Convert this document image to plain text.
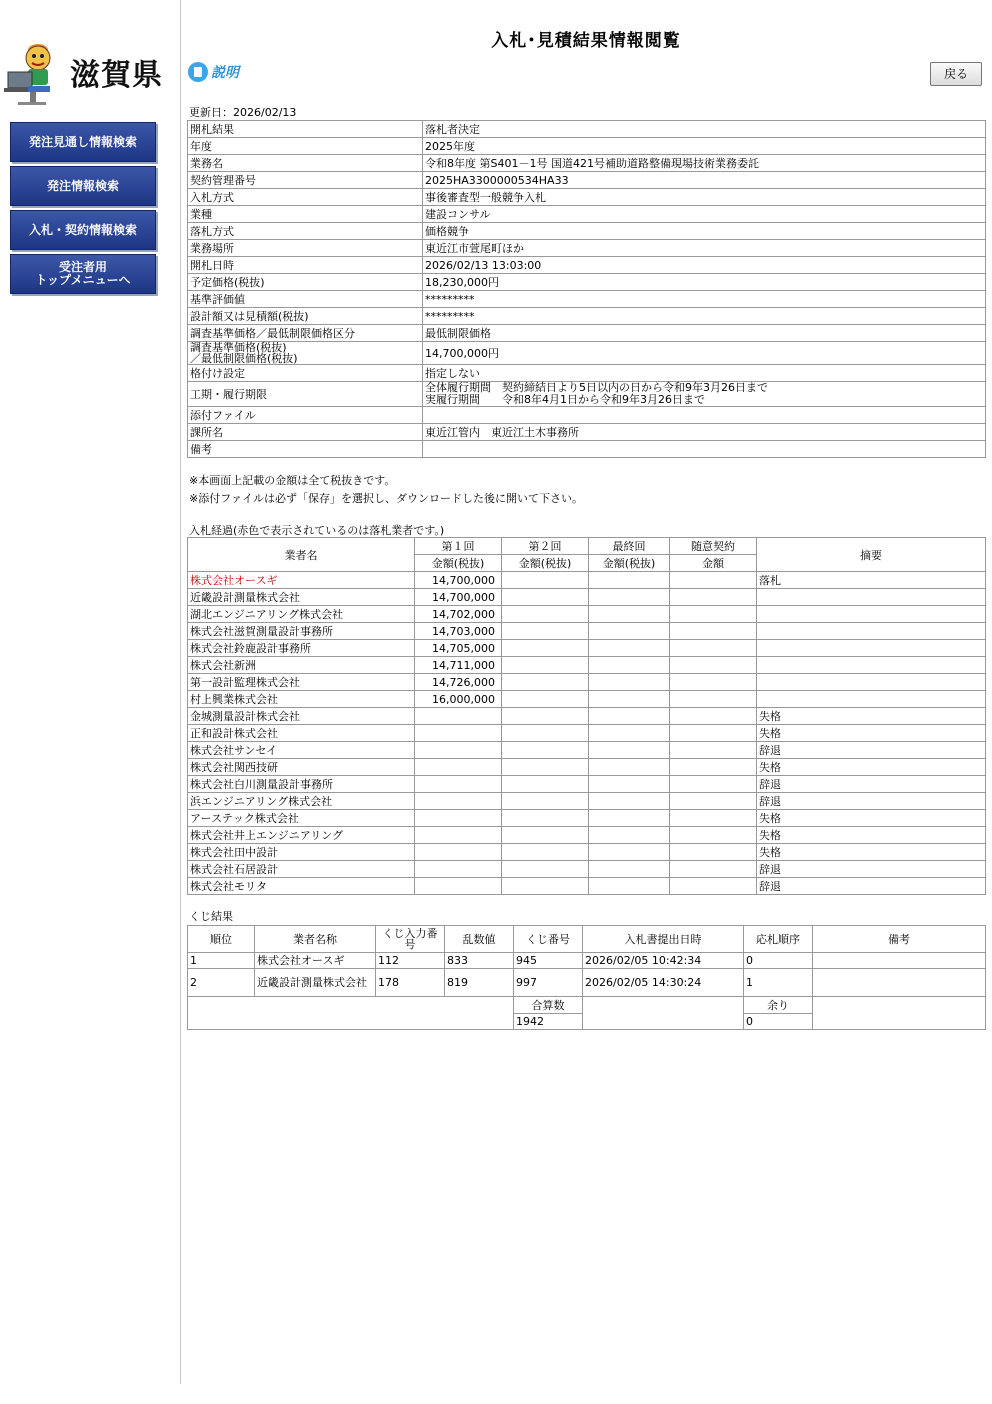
滋賀県
発注見通し情報検索
発注情報検索
入札・契約情報検索
受注者用
トップメニューへ
入札･見積結果情報閲覧
説明	戻る
更新日：2026/02/13
開札結果	落札者決定
年度	2025年度
業務名	令和8年度 第S401－1号 国道421号補助道路整備現場技術業務委託
契約管理番号	2025HA3300000534HA33
入札方式	事後審査型一般競争入札
業種	建設コンサル
落札方式	価格競争
業務場所	東近江市萱尾町ほか
開札日時	2026/02/13 13:03:00
予定価格(税抜)	18,230,000円
基準評価値	*********
設計額又は見積額(税抜)	*********
調査基準価格／最低制限価格区分	最低制限価格
調査基準価格(税抜)
／最低制限価格(税抜)	14,700,000円
格付け設定	指定しない
工期・履行期限	全体履行期間　契約締結日より5日以内の日から令和9年3月26日まで
実履行期間　　令和8年4月1日から令和9年3月26日まで
添付ファイル	
課所名	東近江管内　東近江土木事務所
備考	
※本画面上記載の金額は全て税抜きです。
※添付ファイルは必ず「保存」を選択し、ダウンロードした後に開いて下さい。
入札経過(赤色で表示されているのは落札業者です。)
業者名	第１回	第２回	最終回	随意契約	摘要
	金額(税抜)	金額(税抜)	金額(税抜)	金額	
株式会社オースギ	14,700,000				落札
近畿設計測量株式会社	14,700,000				
湖北エンジニアリング株式会社	14,702,000				
株式会社滋賀測量設計事務所	14,703,000				
株式会社鈴鹿設計事務所	14,705,000				
株式会社新洲	14,711,000				
第一設計監理株式会社	14,726,000				
村上興業株式会社	16,000,000				
金城測量設計株式会社					失格
正和設計株式会社					失格
株式会社サンセイ					辞退
株式会社関西技研					失格
株式会社白川測量設計事務所					辞退
浜エンジニアリング株式会社					辞退
アーステック株式会社					失格
株式会社井上エンジニアリング					失格
株式会社田中設計					失格
株式会社石居設計					辞退
株式会社モリタ					辞退
くじ結果
順位	業者名称	くじ入力番号	乱数値	くじ番号	入札書提出日時	応札順序	備考
1	株式会社オースギ	112	833	945	2026/02/05 10:42:34	0	
2	近畿設計測量株式会社	178	819	997	2026/02/05 14:30:24	1	
				合算数		余り	
				1942		0	
